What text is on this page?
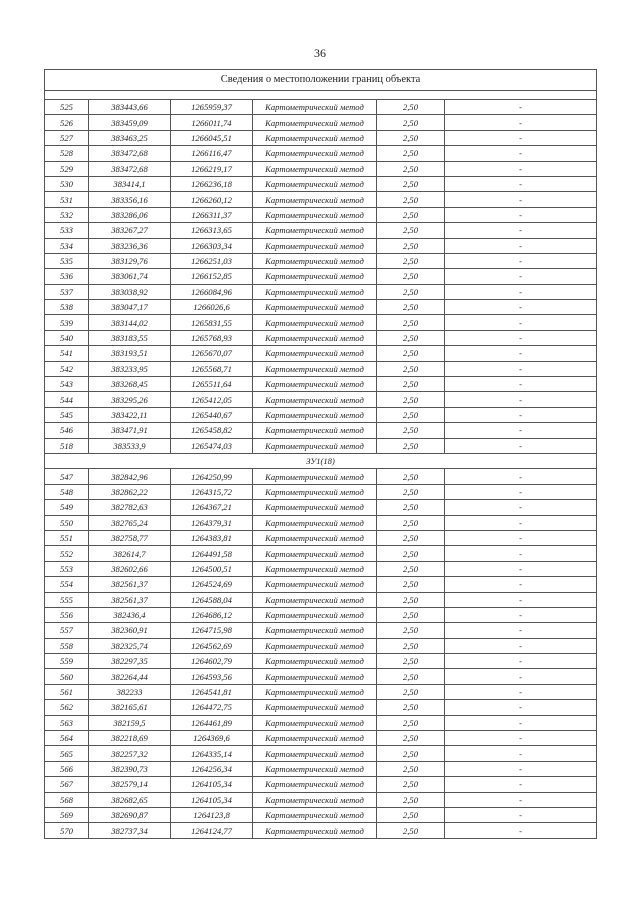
36
Сведения о местоположении границ объекта					

525	383443,66	1265959,37	Картометрический метод	2,50	-
526	383459,09	1266011,74	Картометрический метод	2,50	-
527	383463,25	1266045,51	Картометрический метод	2,50	-
528	383472,68	1266116,47	Картометрический метод	2,50	-
529	383472,68	1266219,17	Картометрический метод	2,50	-
530	383414,1	1266236,18	Картометрический метод	2,50	-
531	383356,16	1266260,12	Картометрический метод	2,50	-
532	383286,06	1266311,37	Картометрический метод	2,50	-
533	383267,27	1266313,65	Картометрический метод	2,50	-
534	383236,36	1266303,34	Картометрический метод	2,50	-
535	383129,76	1266251,03	Картометрический метод	2,50	-
536	383061,74	1266152,85	Картометрический метод	2,50	-
537	383038,92	1266084,96	Картометрический метод	2,50	-
538	383047,17	1266026,6	Картометрический метод	2,50	-
539	383144,02	1265831,55	Картометрический метод	2,50	-
540	383183,55	1265768,93	Картометрический метод	2,50	-
541	383193,51	1265670,07	Картометрический метод	2,50	-
542	383233,95	1265568,71	Картометрический метод	2,50	-
543	383268,45	1265511,64	Картометрический метод	2,50	-
544	383295,26	1265412,05	Картометрический метод	2,50	-
545	383422,11	1265440,67	Картометрический метод	2,50	-
546	383471,91	1265458,82	Картометрический метод	2,50	-
518	383533,9	1265474,03	Картометрический метод	2,50	-
ЗУ1(18)					
547	382842,96	1264250,99	Картометрический метод	2,50	-
548	382862,22	1264315,72	Картометрический метод	2,50	-
549	382782,63	1264367,21	Картометрический метод	2,50	-
550	382765,24	1264379,31	Картометрический метод	2,50	-
551	382758,77	1264383,81	Картометрический метод	2,50	-
552	382614,7	1264491,58	Картометрический метод	2,50	-
553	382602,66	1264500,51	Картометрический метод	2,50	-
554	382561,37	1264524,69	Картометрический метод	2,50	-
555	382561,37	1264588,04	Картометрический метод	2,50	-
556	382436,4	1264686,12	Картометрический метод	2,50	-
557	382360,91	1264715,98	Картометрический метод	2,50	-
558	382325,74	1264562,69	Картометрический метод	2,50	-
559	382297,35	1264602,79	Картометрический метод	2,50	-
560	382264,44	1264593,56	Картометрический метод	2,50	-
561	382233	1264541,81	Картометрический метод	2,50	-
562	382165,61	1264472,75	Картометрический метод	2,50	-
563	382159,5	1264461,89	Картометрический метод	2,50	-
564	382218,69	1264369,6	Картометрический метод	2,50	-
565	382257,32	1264335,14	Картометрический метод	2,50	-
566	382390,73	1264256,34	Картометрический метод	2,50	-
567	382579,14	1264105,34	Картометрический метод	2,50	-
568	382682,65	1264105,34	Картометрический метод	2,50	-
569	382690,87	1264123,8	Картометрический метод	2,50	-
570	382737,34	1264124,77	Картометрический метод	2,50	-
